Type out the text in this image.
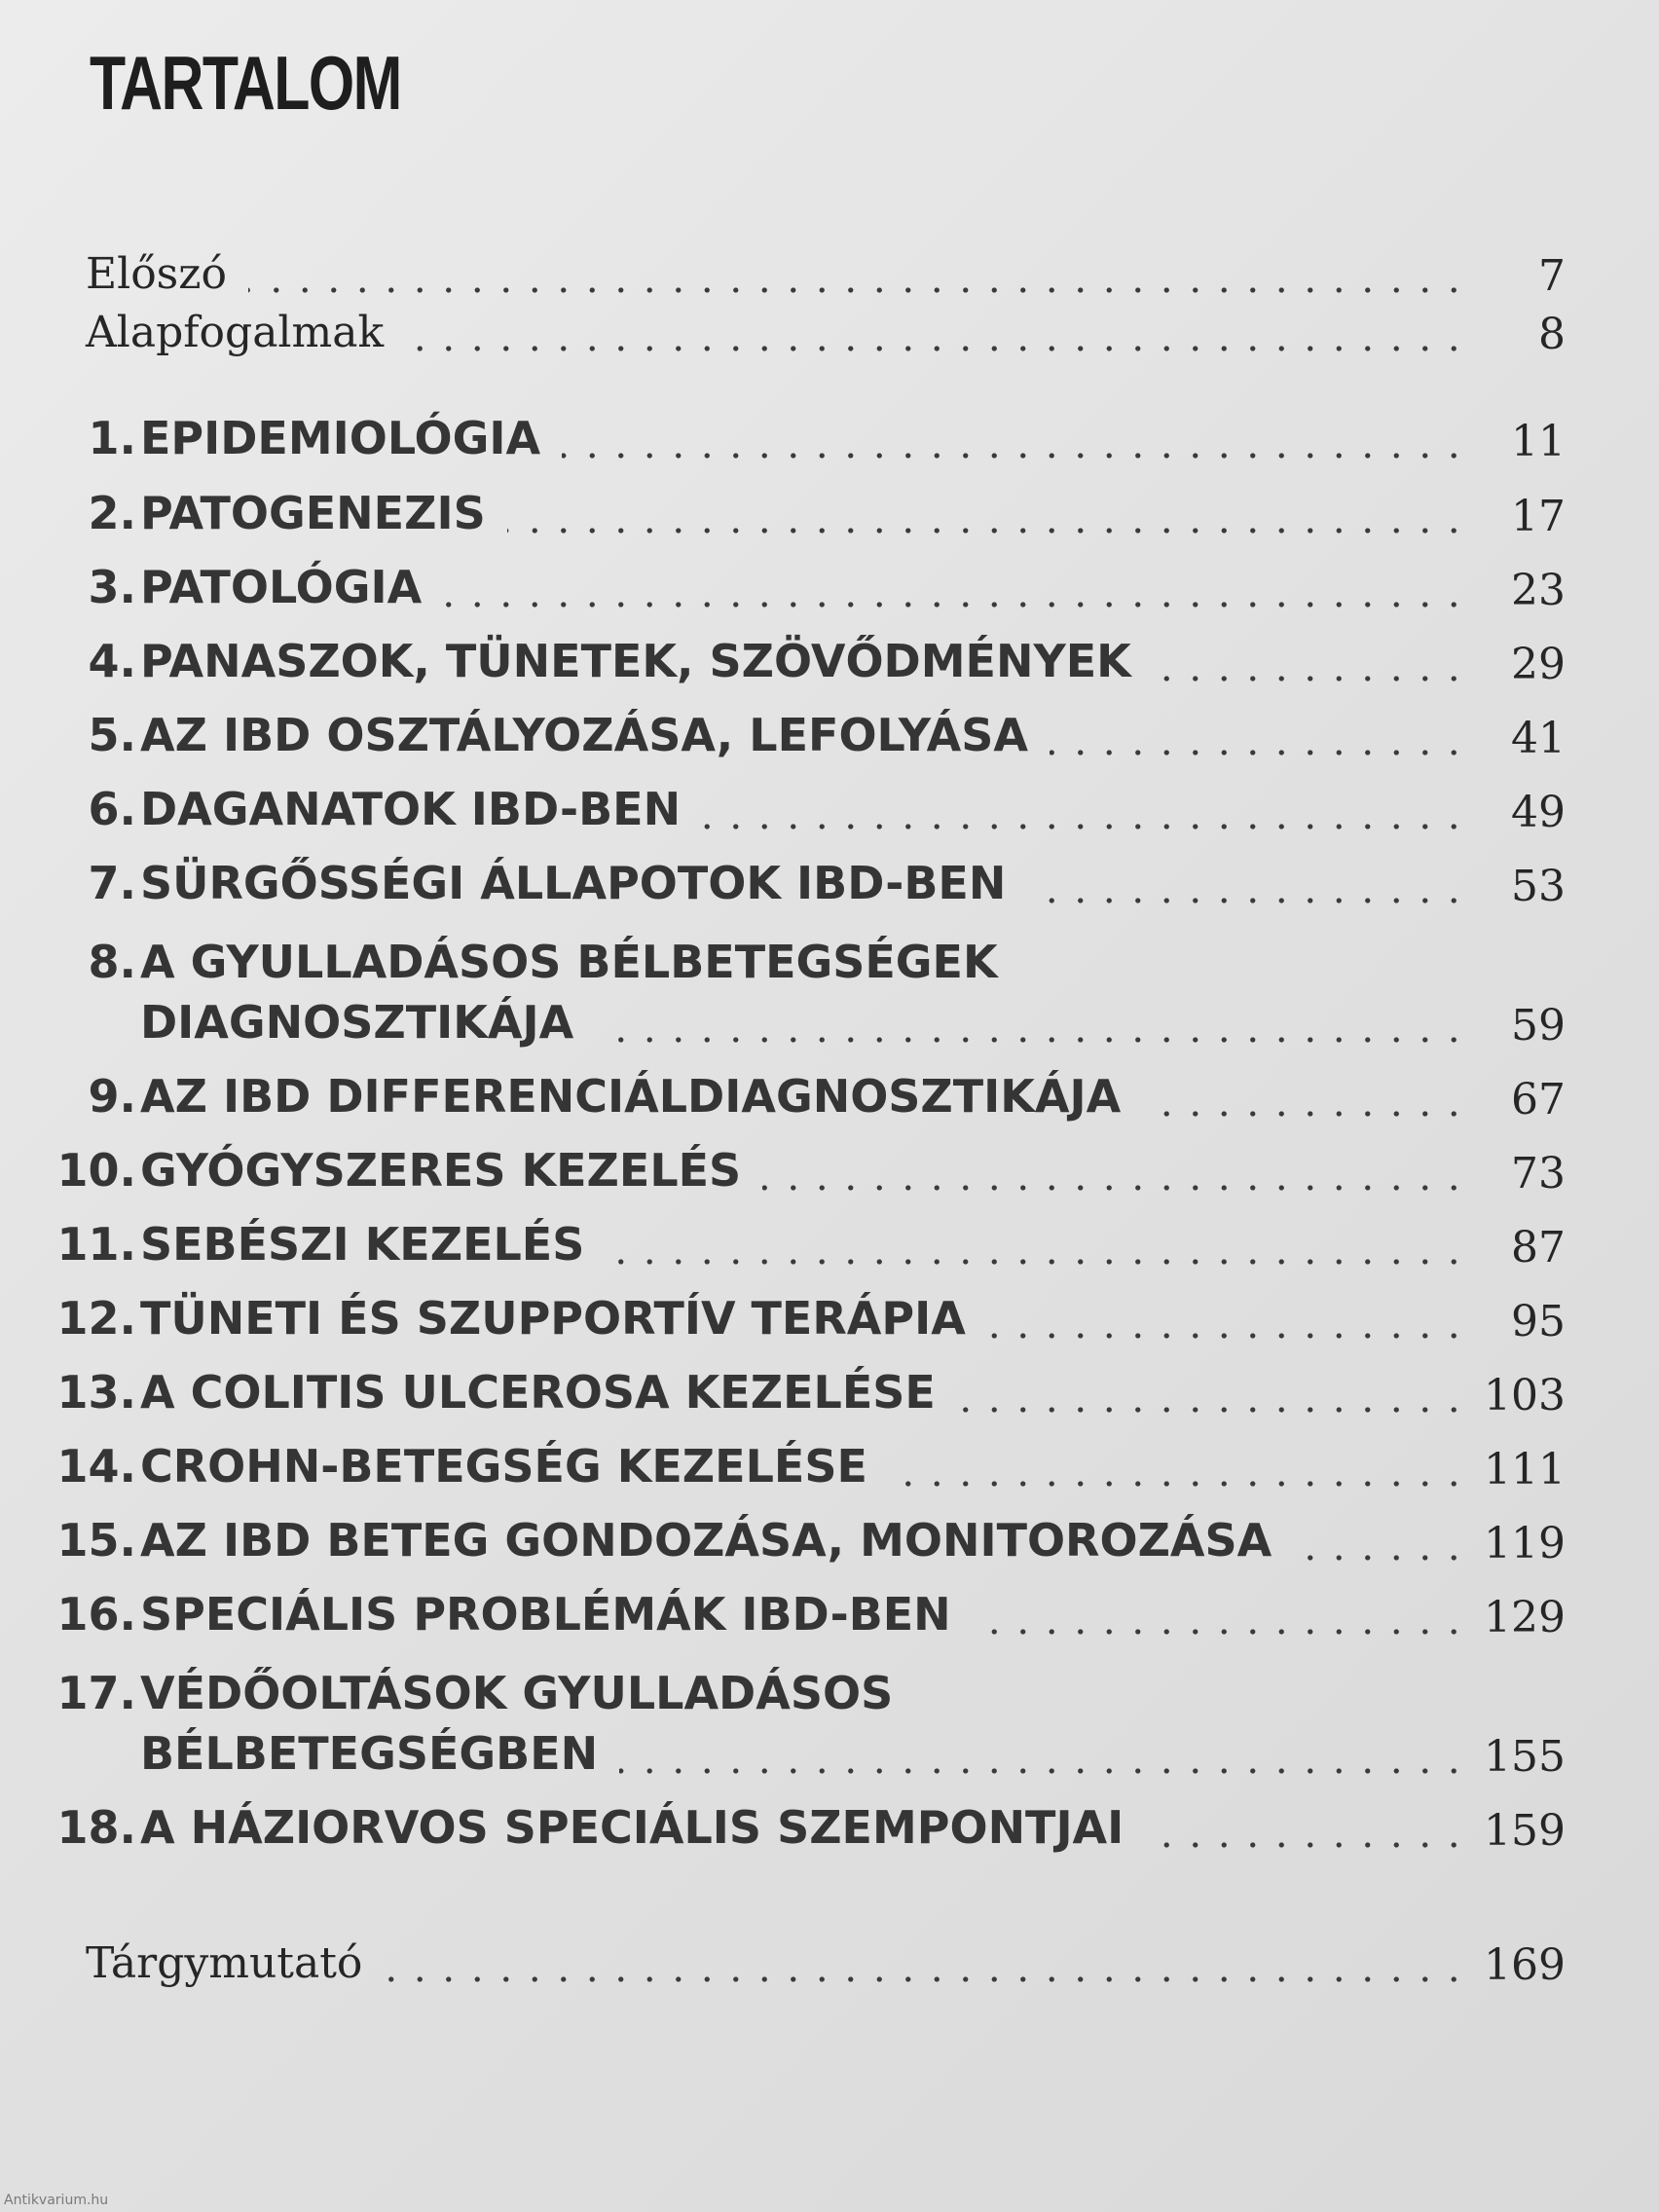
TARTALOM
Előszó	7
Alapfogalmak	8
1. EPIDEMIOLÓGIA	11
2. PATOGENEZIS	17
3. PATOLÓGIA	23
4. PANASZOK, TÜNETEK, SZÖVŐDMÉNYEK	29
5. AZ IBD OSZTÁLYOZÁSA, LEFOLYÁSA	41
6. DAGANATOK IBD-BEN	49
7. SÜRGŐSSÉGI ÁLLAPOTOK IBD-BEN	53
8. A GYULLADÁSOS BÉLBETEGSÉGEK
DIAGNOSZTIKÁJA	59
9. AZ IBD DIFFERENCIÁLDIAGNOSZTIKÁJA	67
10. GYÓGYSZERES KEZELÉS	73
11. SEBÉSZI KEZELÉS	87
12. TÜNETI ÉS SZUPPORTÍV TERÁPIA	95
13. A COLITIS ULCEROSA KEZELÉSE	103
14. CROHN-BETEGSÉG KEZELÉSE	111
15. AZ IBD BETEG GONDOZÁSA, MONITOROZÁSA	119
16. SPECIÁLIS PROBLÉMÁK IBD-BEN	129
17. VÉDŐOLTÁSOK GYULLADÁSOS
BÉLBETEGSÉGBEN	155
18. A HÁZIORVOS SPECIÁLIS SZEMPONTJAI	159
Tárgymutató	169
Antikvarium.hu
